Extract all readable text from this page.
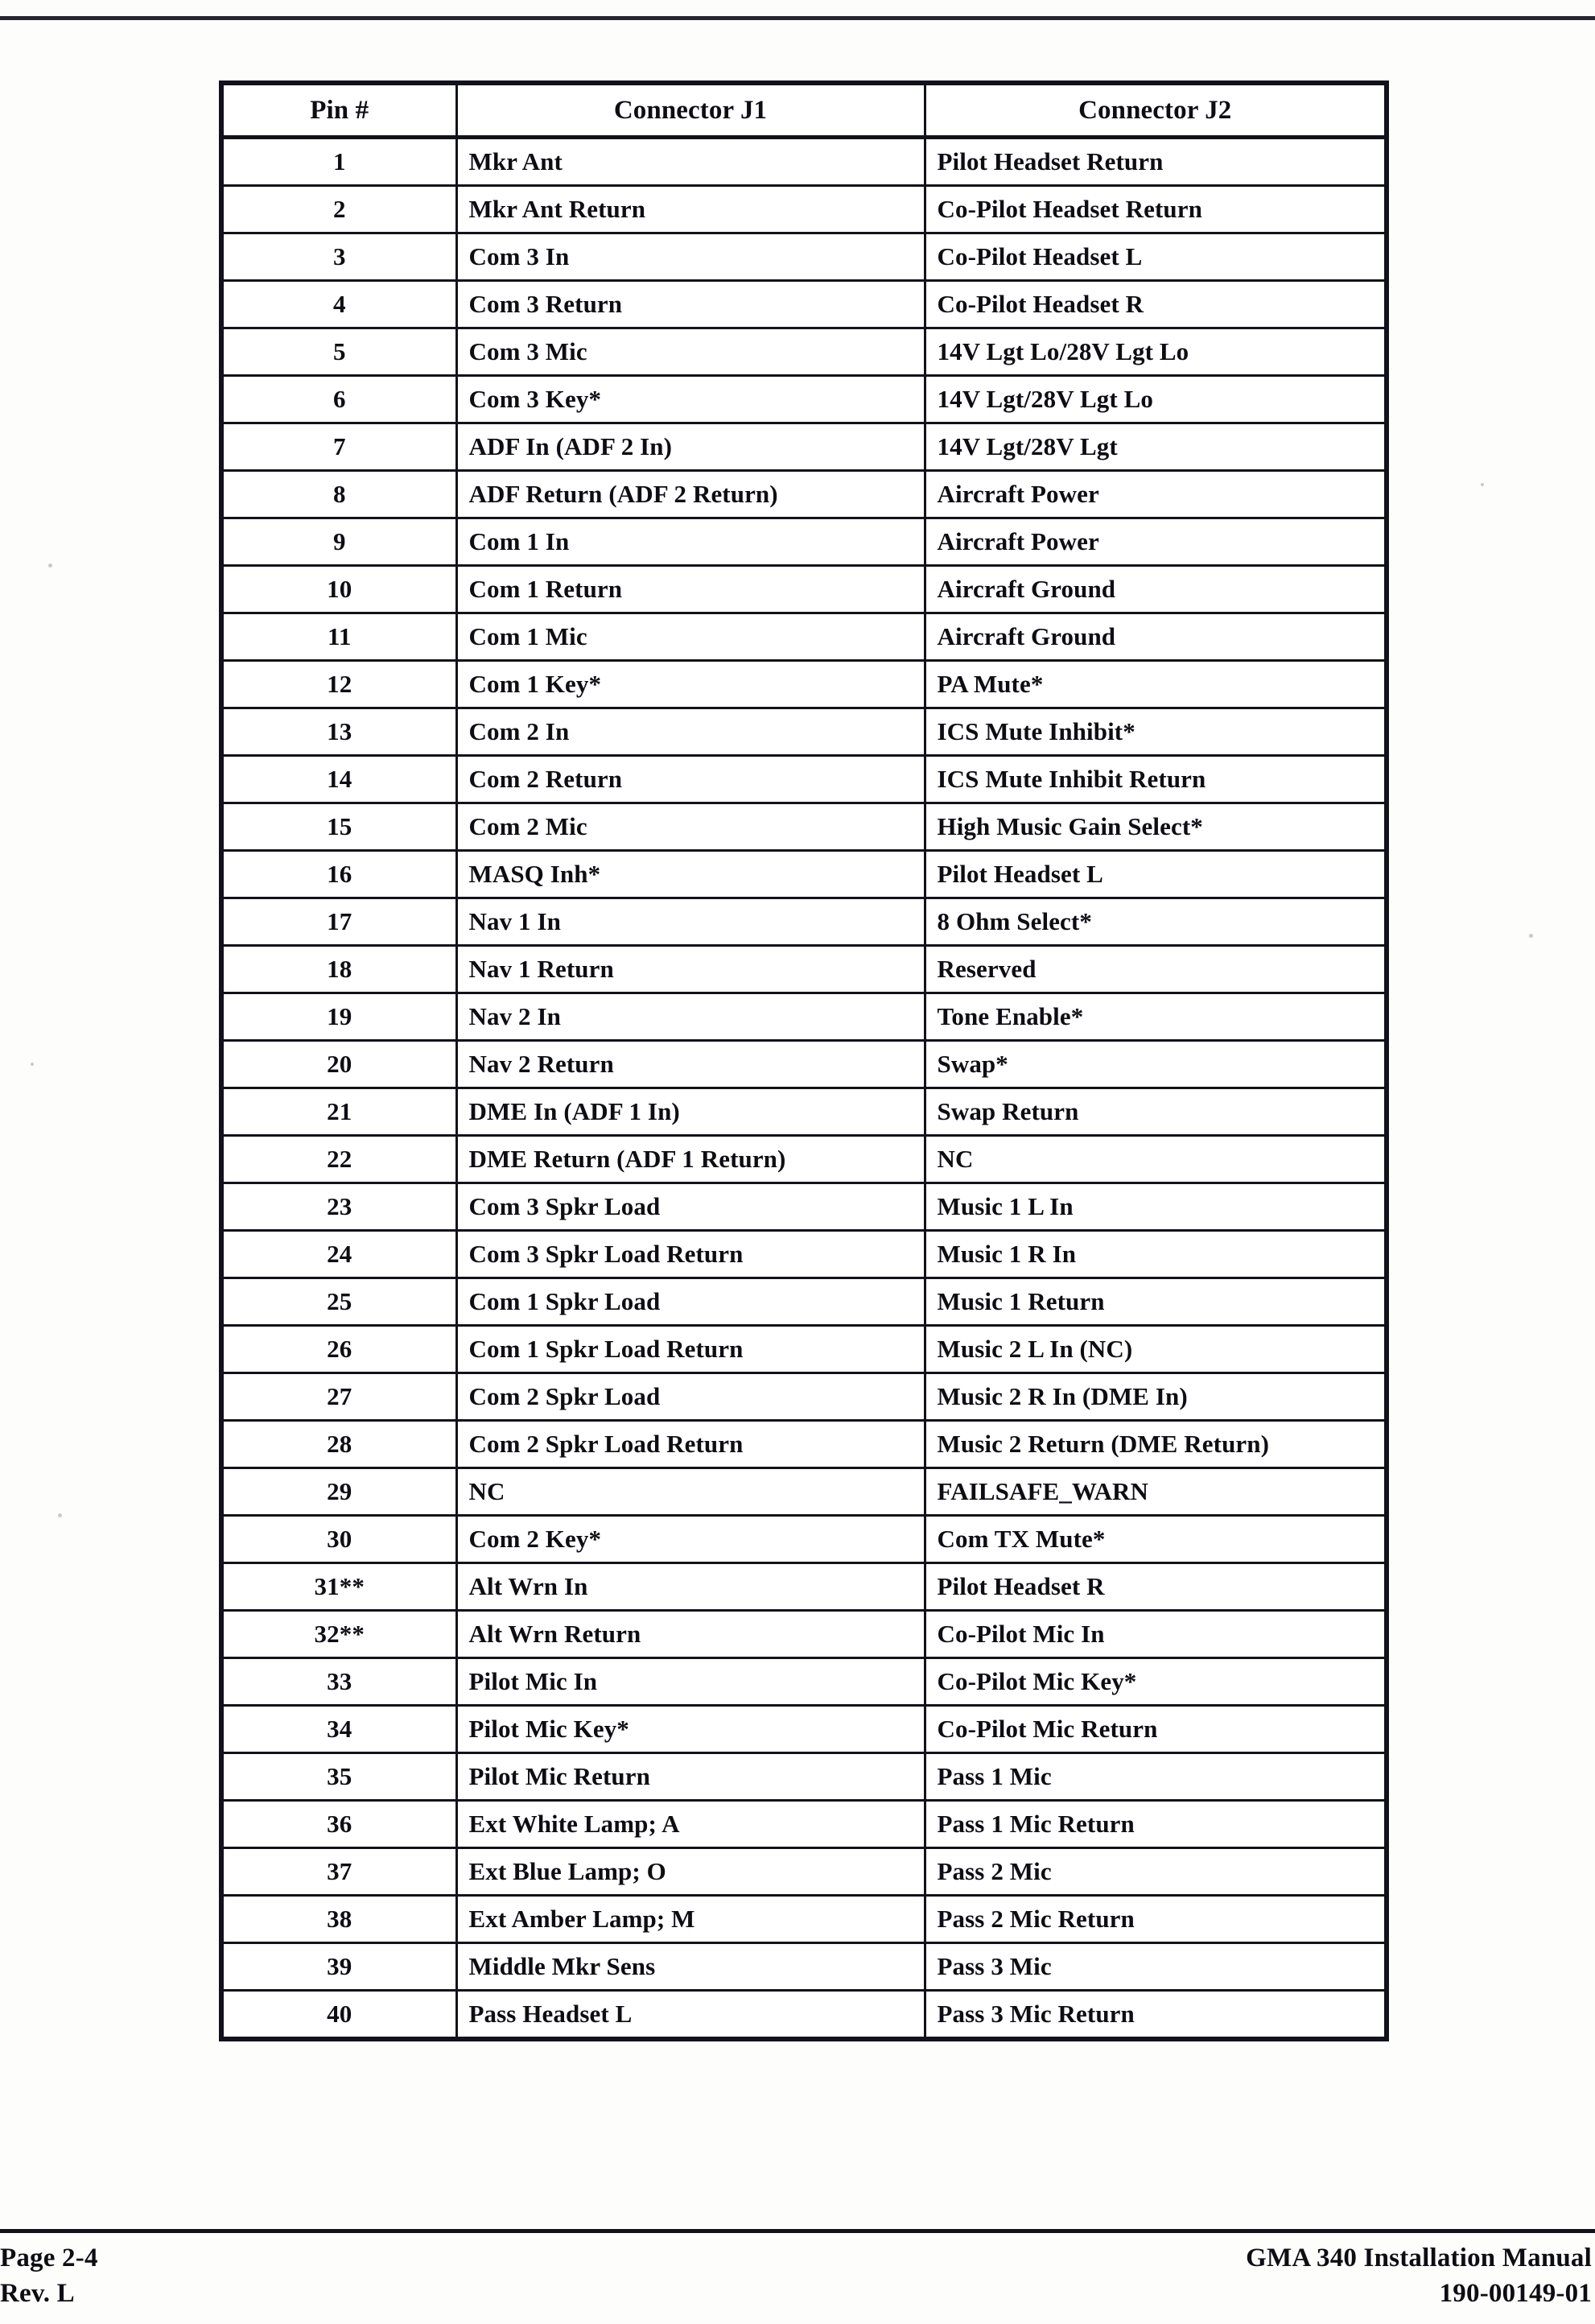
Pin #	Connector J1	Connector J2
1	Mkr Ant	Pilot Headset Return
2	Mkr Ant Return	Co-Pilot Headset Return
3	Com 3 In	Co-Pilot Headset L
4	Com 3 Return	Co-Pilot Headset R
5	Com 3 Mic	14V Lgt Lo/28V Lgt Lo
6	Com 3 Key*	14V Lgt/28V Lgt Lo
7	ADF In (ADF 2 In)	14V Lgt/28V Lgt
8	ADF Return (ADF 2 Return)	Aircraft Power
9	Com 1 In	Aircraft Power
10	Com 1 Return	Aircraft Ground
11	Com 1 Mic	Aircraft Ground
12	Com 1 Key*	PA Mute*
13	Com 2 In	ICS Mute Inhibit*
14	Com 2 Return	ICS Mute Inhibit Return
15	Com 2 Mic	High Music Gain Select*
16	MASQ Inh*	Pilot Headset L
17	Nav 1 In	8 Ohm Select*
18	Nav 1 Return	Reserved
19	Nav 2 In	Tone Enable*
20	Nav 2 Return	Swap*
21	DME In (ADF 1 In)	Swap Return
22	DME Return (ADF 1 Return)	NC
23	Com 3 Spkr Load	Music 1 L In
24	Com 3 Spkr Load Return	Music 1 R In
25	Com 1 Spkr Load	Music 1 Return
26	Com 1 Spkr Load Return	Music 2 L In (NC)
27	Com 2 Spkr Load	Music 2 R In (DME In)
28	Com 2 Spkr Load Return	Music 2 Return (DME Return)
29	NC	FAILSAFE_WARN
30	Com 2 Key*	Com TX Mute*
31**	Alt Wrn In	Pilot Headset R
32**	Alt Wrn Return	Co-Pilot Mic In
33	Pilot Mic In	Co-Pilot Mic Key*
34	Pilot Mic Key*	Co-Pilot Mic Return
35	Pilot Mic Return	Pass 1 Mic
36	Ext White Lamp; A	Pass 1 Mic Return
37	Ext Blue Lamp; O	Pass 2 Mic
38	Ext Amber Lamp; M	Pass 2 Mic Return
39	Middle Mkr Sens	Pass 3 Mic
40	Pass Headset L	Pass 3 Mic Return
Page 2-4
Rev. L
GMA 340 Installation Manual
190-00149-01
